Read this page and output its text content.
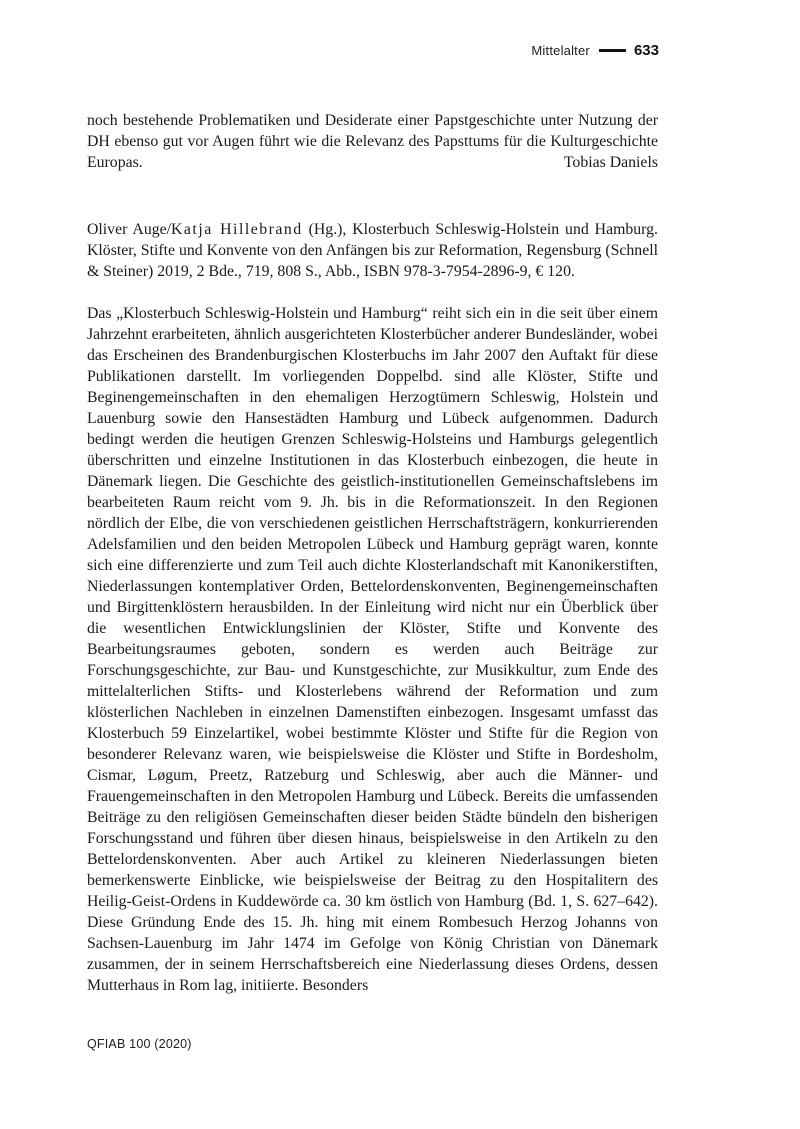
Mittelalter	633

noch bestehende Problematiken und Desiderate einer Papstgeschichte unter Nutzung der DH ebenso gut vor Augen führt wie die Relevanz des Papsttums für die Kulturgeschichte Europas.	Tobias Daniels

Oliver Auge/Katja Hillebrand (Hg.), Klosterbuch Schleswig-Holstein und Hamburg. Klöster, Stifte und Konvente von den Anfängen bis zur Reformation, Regensburg (Schnell & Steiner) 2019, 2 Bde., 719, 808 S., Abb., ISBN 978-3-7954-2896-9, € 120.

Das „Klosterbuch Schleswig-Holstein und Hamburg“ reiht sich ein in die seit über einem Jahrzehnt erarbeiteten, ähnlich ausgerichteten Klosterbücher anderer Bundesländer, wobei das Erscheinen des Brandenburgischen Klosterbuchs im Jahr 2007 den Auftakt für diese Publikationen darstellt. Im vorliegenden Doppelbd. sind alle Klöster, Stifte und Beginengemeinschaften in den ehemaligen Herzogtümern Schleswig, Holstein und Lauenburg sowie den Hansestädten Hamburg und Lübeck aufgenommen. Dadurch bedingt werden die heutigen Grenzen Schleswig-Holsteins und Hamburgs gelegentlich überschritten und einzelne Institutionen in das Klosterbuch einbezogen, die heute in Dänemark liegen. Die Geschichte des geistlich-institutionellen Gemeinschaftslebens im bearbeiteten Raum reicht vom 9. Jh. bis in die Reformationszeit. In den Regionen nördlich der Elbe, die von verschiedenen geistlichen Herrschaftsträgern, konkurrierenden Adelsfamilien und den beiden Metropolen Lübeck und Hamburg geprägt waren, konnte sich eine differenzierte und zum Teil auch dichte Klosterlandschaft mit Kanonikerstiften, Niederlassungen kontemplativer Orden, Bettelordenskonventen, Beginengemeinschaften und Birgittenklöstern herausbilden. In der Einleitung wird nicht nur ein Überblick über die wesentlichen Entwicklungslinien der Klöster, Stifte und Konvente des Bearbeitungsraumes geboten, sondern es werden auch Beiträge zur Forschungsgeschichte, zur Bau- und Kunstgeschichte, zur Musikkultur, zum Ende des mittelalterlichen Stifts- und Klosterlebens während der Reformation und zum klösterlichen Nachleben in einzelnen Damenstiften einbezogen. Insgesamt umfasst das Klosterbuch 59 Einzelartikel, wobei bestimmte Klöster und Stifte für die Region von besonderer Relevanz waren, wie beispielsweise die Klöster und Stifte in Bordesholm, Cismar, Løgum, Preetz, Ratzeburg und Schleswig, aber auch die Männer- und Frauengemeinschaften in den Metropolen Hamburg und Lübeck. Bereits die umfassenden Beiträge zu den religiösen Gemeinschaften dieser beiden Städte bündeln den bisherigen Forschungsstand und führen über diesen hinaus, beispielsweise in den Artikeln zu den Bettelordenskonventen. Aber auch Artikel zu kleineren Niederlassungen bieten bemerkenswerte Einblicke, wie beispielsweise der Beitrag zu den Hospitalitern des Heilig-Geist-Ordens in Kuddewörde ca. 30 km östlich von Hamburg (Bd. 1, S. 627–642). Diese Gründung Ende des 15. Jh. hing mit einem Rombesuch Herzog Johanns von Sachsen-Lauenburg im Jahr 1474 im Gefolge von König Christian von Dänemark zusammen, der in seinem Herrschaftsbereich eine Niederlassung dieses Ordens, dessen Mutterhaus in Rom lag, initiierte. Besonders

QFIAB 100 (2020)
